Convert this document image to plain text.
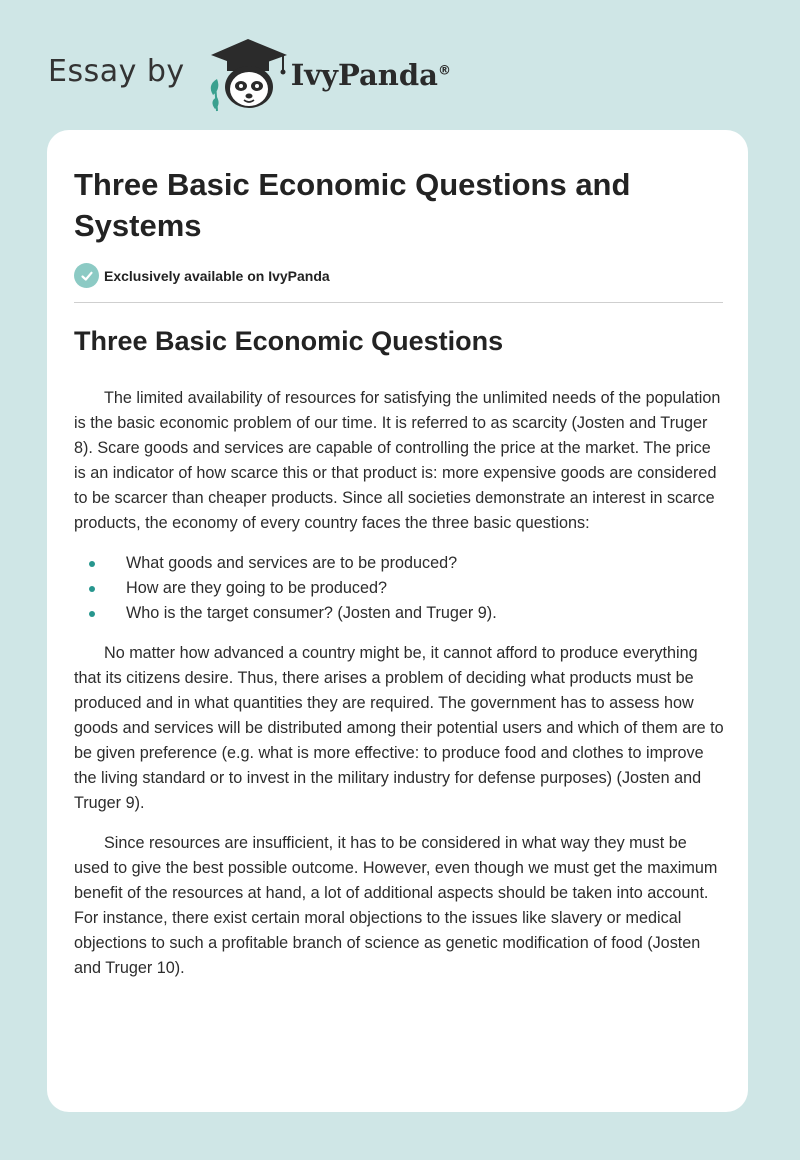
Essay by	IvyPanda®
Three Basic Economic Questions and Systems
Exclusively available on IvyPanda
Three Basic Economic Questions

The limited availability of resources for satisfying the unlimited needs of the population is the basic economic problem of our time. It is referred to as scarcity (Josten and Truger 8). Scare goods and services are capable of controlling the price at the market. The price is an indicator of how scarce this or that product is: more expensive goods are considered to be scarcer than cheaper products. Since all societies demonstrate an interest in scarce products, the economy of every country faces the three basic questions:

What goods and services are to be produced?
How are they going to be produced?
Who is the target consumer? (Josten and Truger 9).

No matter how advanced a country might be, it cannot afford to produce everything that its citizens desire. Thus, there arises a problem of deciding what products must be produced and in what quantities they are required. The government has to assess how goods and services will be distributed among their potential users and which of them are to be given preference (e.g. what is more effective: to produce food and clothes to improve the living standard or to invest in the military industry for defense purposes) (Josten and Truger 9).

Since resources are insufficient, it has to be considered in what way they must be used to give the best possible outcome. However, even though we must get the maximum benefit of the resources at hand, a lot of additional aspects should be taken into account. For instance, there exist certain moral objections to the issues like slavery or medical objections to such a profitable branch of science as genetic modification of food (Josten and Truger 10).
